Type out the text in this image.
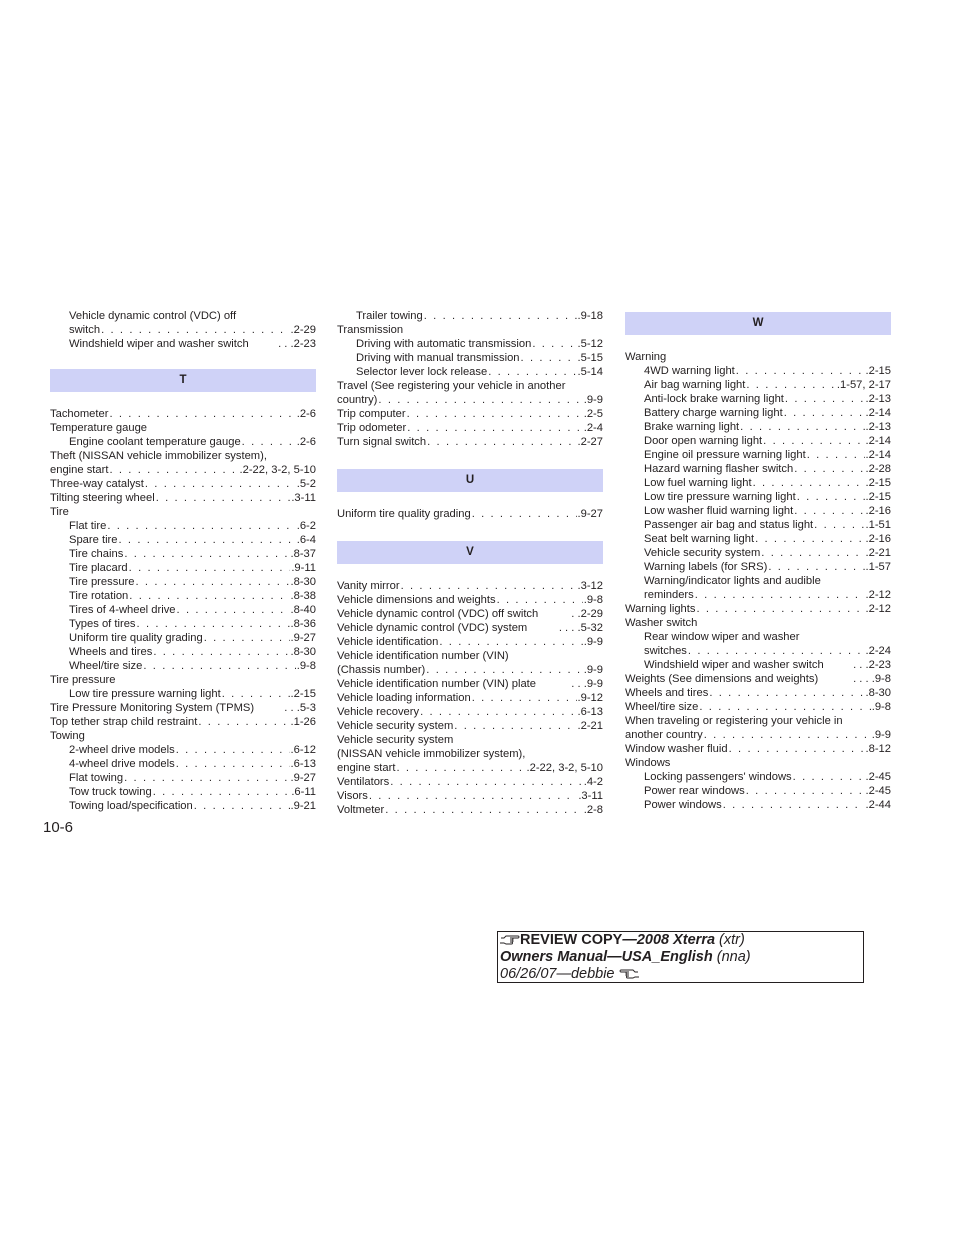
Vehicle dynamic control (VDC) off
switch . . .	.2-29
Windshield wiper and washer switch	. . .2-23
T
Tachometer . . .	.2-6
Temperature gauge
Engine coolant temperature gauge . . .	.2-6
Theft (NISSAN vehicle immobilizer system),
engine start . . .	.2-22, 3-2, 5-10
Three-way catalyst . . .	.5-2
Tilting steering wheel . . .	.3-11
Tire
Flat tire . . .	.6-2
Spare tire . . .	.6-4
Tire chains . . .	.8-37
Tire placard . . .	.9-11
Tire pressure . . .	.8-30
Tire rotation . . .	.8-38
Tires of 4-wheel drive . . .	.8-40
Types of tires . . .	.8-36
Uniform tire quality grading . . .	.9-27
Wheels and tires . . .	.8-30
Wheel/tire size . . .	.9-8
Tire pressure
Low tire pressure warning light . . .	.2-15
Tire Pressure Monitoring System (TPMS)	. . .5-3
Top tether strap child restraint . . .	.1-26
Towing
2-wheel drive models . . .	.6-12
4-wheel drive models . . .	.6-13
Flat towing . . .	.9-27
Tow truck towing . . .	.6-11
Towing load/specification . . .	.9-21
Trailer towing . . .	.9-18
Transmission
Driving with automatic transmission . . .	.5-12
Driving with manual transmission . . .	.5-15
Selector lever lock release . . .	.5-14
Travel (See registering your vehicle in another
country) . . .	.9-9
Trip computer . . .	.2-5
Trip odometer . . .	.2-4
Turn signal switch . . .	.2-27
U
Uniform tire quality grading . . .	.9-27
V
Vanity mirror . . .	.3-12
Vehicle dimensions and weights . . .	.9-8
Vehicle dynamic control (VDC) off switch	. .2-29
Vehicle dynamic control (VDC) system	. . . .5-32
Vehicle identification . . .	.9-9
Vehicle identification number (VIN)
(Chassis number) . . .	.9-9
Vehicle identification number (VIN) plate	. . .9-9
Vehicle loading information . . .	.9-12
Vehicle recovery . . .	.6-13
Vehicle security system . . .	.2-21
Vehicle security system
(NISSAN vehicle immobilizer system),
engine start . . .	.2-22, 3-2, 5-10
Ventilators . . .	.4-2
Visors . . .	.3-11
Voltmeter . . .	.2-8
W
Warning
4WD warning light . . .	.2-15
Air bag warning light . . .	.1-57, 2-17
Anti-lock brake warning light . . .	.2-13
Battery charge warning light . . .	.2-14
Brake warning light . . .	.2-13
Door open warning light . . .	.2-14
Engine oil pressure warning light . . .	.2-14
Hazard warning flasher switch . . .	.2-28
Low fuel warning light . . .	.2-15
Low tire pressure warning light . . .	.2-15
Low washer fluid warning light . . .	.2-16
Passenger air bag and status light . . .	.1-51
Seat belt warning light . . .	.2-16
Vehicle security system . . .	.2-21
Warning labels (for SRS) . . .	.1-57
Warning/indicator lights and audible
reminders . . .	.2-12
Warning lights . . .	.2-12
Washer switch
Rear window wiper and washer
switches . . .	.2-24
Windshield wiper and washer switch	. . .2-23
Weights (See dimensions and weights)	. . . .9-8
Wheels and tires . . .	.8-30
Wheel/tire size . . .	.9-8
When traveling or registering your vehicle in
another country . . .	.9-9
Window washer fluid . . .	.8-12
Windows
Locking passengers' windows . . .	.2-45
Power rear windows . . .	.2-45
Power windows . . .	.2-44
10-6
REVIEW COPY—2008 Xterra (xtr)
Owners Manual—USA_English (nna)
06/26/07—debbie
